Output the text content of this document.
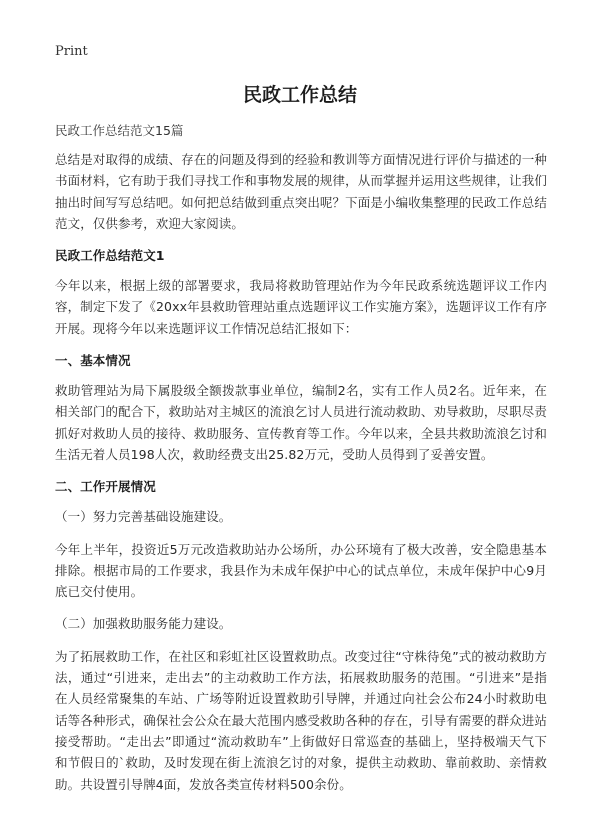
Print
民政工作总结
民政工作总结范文15篇

总结是对取得的成绩、存在的问题及得到的经验和教训等方面情况进行评价与描述的一种书面材料，它有助于我们寻找工作和事物发展的规律，从而掌握并运用这些规律，让我们抽出时间写写总结吧。如何把总结做到重点突出呢？下面是小编收集整理的民政工作总结范文，仅供参考，欢迎大家阅读。

民政工作总结范文1

今年以来，根据上级的部署要求，我局将救助管理站作为今年民政系统选题评议工作内容，制定下发了《20xx年县救助管理站重点选题评议工作实施方案》，选题评议工作有序开展。现将今年以来选题评议工作情况总结汇报如下：

一、基本情况

救助管理站为局下属股级全额拨款事业单位，编制2名，实有工作人员2名。近年来，在相关部门的配合下，救助站对主城区的流浪乞讨人员进行流动救助、劝导救助，尽职尽责抓好对救助人员的接待、救助服务、宣传教育等工作。今年以来，全县共救助流浪乞讨和生活无着人员198人次，救助经费支出25.82万元，受助人员得到了妥善安置。

二、工作开展情况

（一）努力完善基础设施建设。

今年上半年，投资近5万元改造救助站办公场所，办公环境有了极大改善，安全隐患基本排除。根据市局的工作要求，我县作为未成年保护中心的试点单位，未成年保护中心9月底已交付使用。

（二）加强救助服务能力建设。

为了拓展救助工作，在社区和彩虹社区设置救助点。改变过往“守株待兔”式的被动救助方法，通过“引进来，走出去”的主动救助工作方法，拓展救助服务的范围。“引进来”是指在人员经常聚集的车站、广场等附近设置救助引导牌，并通过向社会公布24小时救助电话等各种形式，确保社会公众在最大范围内感受救助各种的存在，引导有需要的群众进站接受帮助。“走出去”即通过“流动救助车”上街做好日常巡查的基础上，坚持极端天气下和节假日的`救助，及时发现在街上流浪乞讨的对象，提供主动救助、靠前救助、亲情救助。共设置引导牌4面，发放各类宣传材料500余份。
